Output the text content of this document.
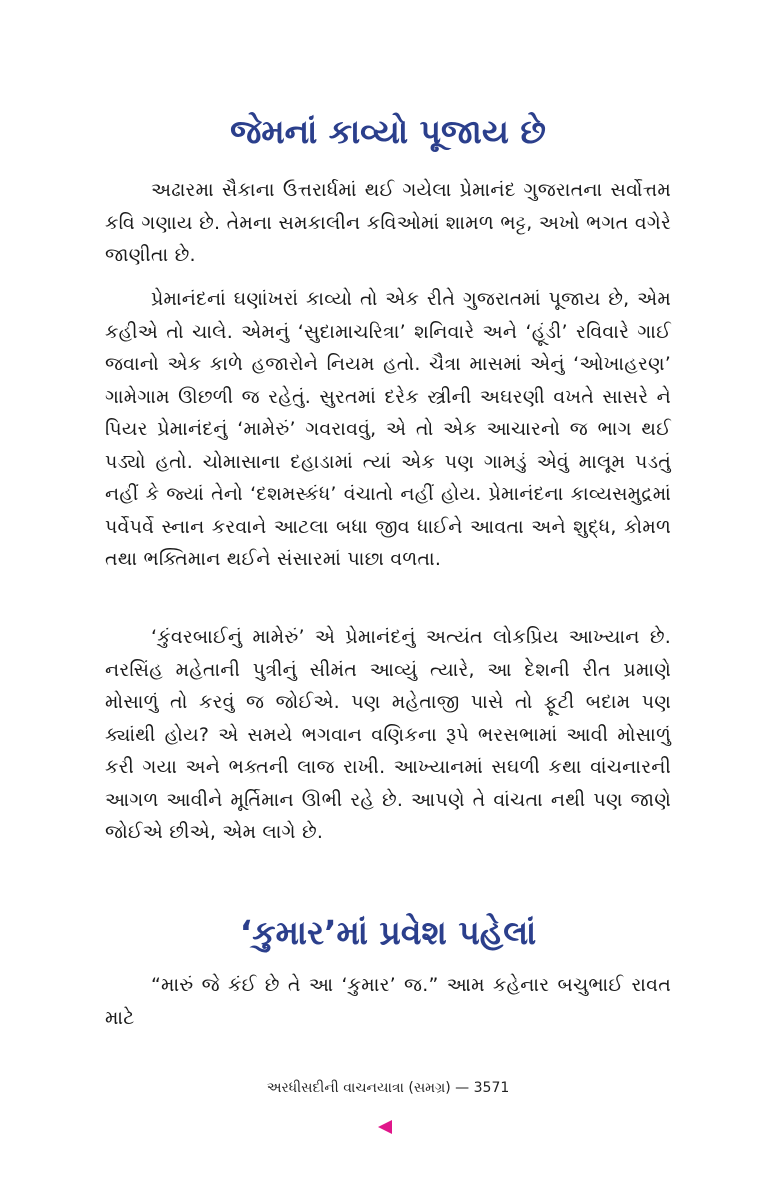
જેમનાં કાવ્યો પૂજાય છે

અઢારમા સૈકાના ઉત્તરાર્ધમાં થઈ ગયેલા પ્રેમાનંદ ગુજરાતના સર્વોત્તમ કવિ ગણાય છે. તેમના સમકાલીન કવિઓમાં શામળ ભટ્ટ, અખો ભગત વગેરે જાણીતા છે.

પ્રેમાનંદનાં ઘણાંખરાં કાવ્યો તો એક રીતે ગુજરાતમાં પૂજાય છે, એમ કહીએ તો ચાલે. એમનું ‘સુદામાચરિત્રા’ શનિવારે અને ‘હૂંડી’ રવિવારે ગાઈ જવાનો એક કાળે હજારોને નિયમ હતો. ચૈત્રા માસમાં એનું ‘ઓખાહરણ’ ગામેગામ ઊછળી જ રહેતું. સુરતમાં દરેક સ્ત્રીની અઘરણી વખતે સાસરે ને પિયર પ્રેમાનંદનું ‘મામેરું’ ગવરાવવું, એ તો એક આચારનો જ ભાગ થઈ પડ્યો હતો. ચોમાસાના દહાડામાં ત્યાં એક પણ ગામડું એવું માલૂમ પડતું નહીં કે જ્યાં તેનો ‘દશમસ્કંધ’ વંચાતો નહીં હોય. પ્રેમાનંદના કાવ્યસમુદ્રમાં પર્વેપર્વે સ્નાન કરવાને આટલા બધા જીવ ધાઈને આવતા અને શુદ્ધ, કોમળ તથા ભક્તિમાન થઈને સંસારમાં પાછા વળતા.

‘કુંવરબાઈનું મામેરું’ એ પ્રેમાનંદનું અત્યંત લોકપ્રિય આખ્યાન છે. નરસિંહ મહેતાની પુત્રીનું સીમંત આવ્યું ત્યારે, આ દેશની રીત પ્રમાણે મોસાળું તો કરવું જ જોઈએ. પણ મહેતાજી પાસે તો ફૂટી બદામ પણ ક્યાંથી હોય? એ સમયે ભગવાન વણિકના રૂપે ભરસભામાં આવી મોસાળું કરી ગયા અને ભક્તની લાજ રાખી. આખ્યાનમાં સઘળી કથા વાંચનારની આગળ આવીને મૂર્તિમાન ઊભી રહે છે. આપણે તે વાંચતા નથી પણ જાણે જોઈએ છીએ, એમ લાગે છે.

‘કુમાર’માં પ્રવેશ પહેલાં

“મારું જે કંઈ છે તે આ ‘કુમાર’ જ.” આમ કહેનાર બચુભાઈ રાવત માટે

અરધીસદીની વાચનયાત્રા (સમગ્ર) — 3571
